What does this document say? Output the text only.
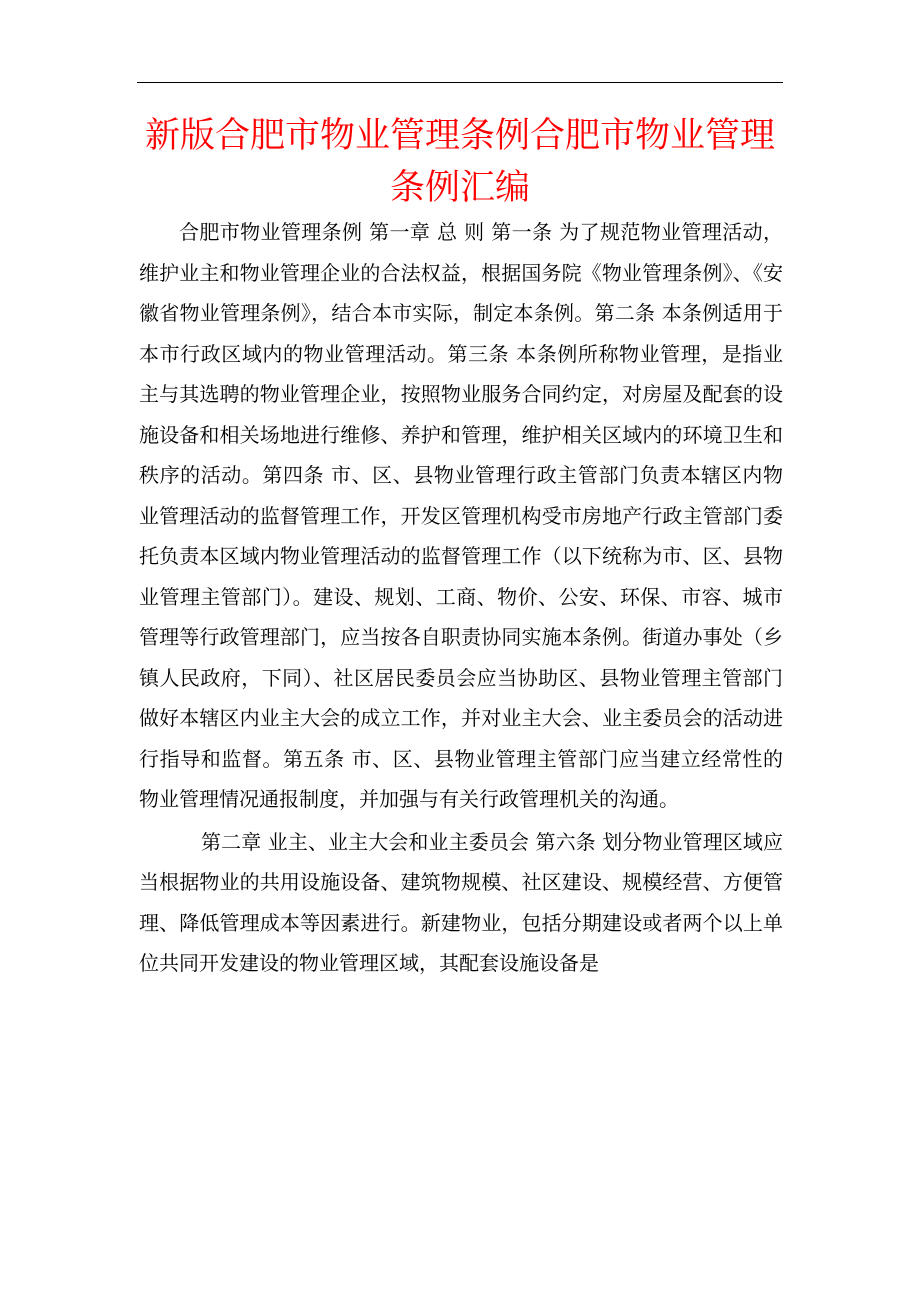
新版合肥市物业管理条例合肥市物业管理条例汇编

合肥市物业管理条例 第一章 总 则 第一条 为了规范物业管理活动，维护业主和物业管理企业的合法权益，根据国务院《物业管理条例》、《安徽省物业管理条例》，结合本市实际，制定本条例。第二条 本条例适用于本市行政区域内的物业管理活动。第三条 本条例所称物业管理，是指业主与其选聘的物业管理企业，按照物业服务合同约定，对房屋及配套的设施设备和相关场地进行维修、养护和管理，维护相关区域内的环境卫生和秩序的活动。第四条 市、区、县物业管理行政主管部门负责本辖区内物业管理活动的监督管理工作，开发区管理机构受市房地产行政主管部门委托负责本区域内物业管理活动的监督管理工作（以下统称为市、区、县物业管理主管部门）。建设、规划、工商、物价、公安、环保、市容、城市管理等行政管理部门，应当按各自职责协同实施本条例。街道办事处（乡镇人民政府，下同）、社区居民委员会应当协助区、县物业管理主管部门做好本辖区内业主大会的成立工作，并对业主大会、业主委员会的活动进行指导和监督。第五条 市、区、县物业管理主管部门应当建立经常性的物业管理情况通报制度，并加强与有关行政管理机关的沟通。

第二章 业主、业主大会和业主委员会 第六条 划分物业管理区域应当根据物业的共用设施设备、建筑物规模、社区建设、规模经营、方便管理、降低管理成本等因素进行。新建物业，包括分期建设或者两个以上单位共同开发建设的物业管理区域，其配套设施设备是
